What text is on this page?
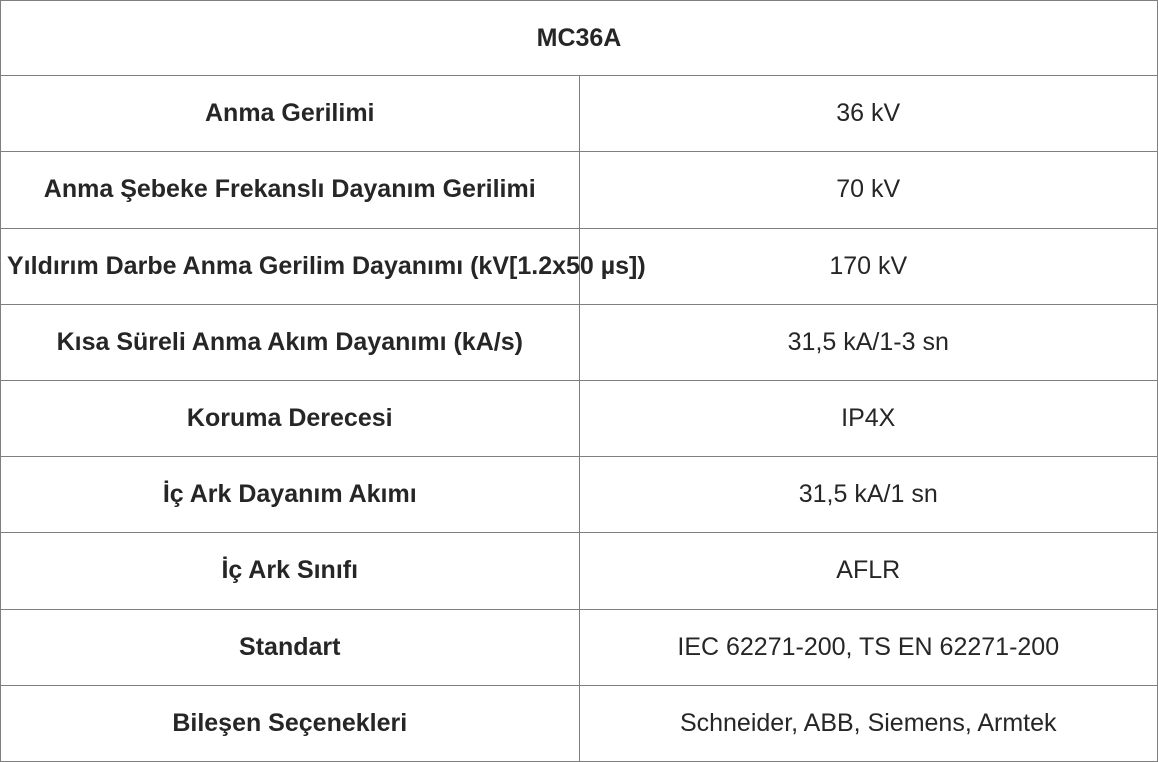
MC36A	
Anma Gerilimi	36 kV
Anma Şebeke Frekanslı Dayanım Gerilimi	70 kV
Yıldırım Darbe Anma Gerilim Dayanımı (kV[1.2x50 µs])	170 kV
Kısa Süreli Anma Akım Dayanımı (kA/s)	31,5 kA/1-3 sn
Koruma Derecesi	IP4X
İç Ark Dayanım Akımı	31,5 kA/1 sn
İç Ark Sınıfı	AFLR
Standart	IEC 62271-200, TS EN 62271-200
Bileşen Seçenekleri	Schneider, ABB, Siemens, Armtek
